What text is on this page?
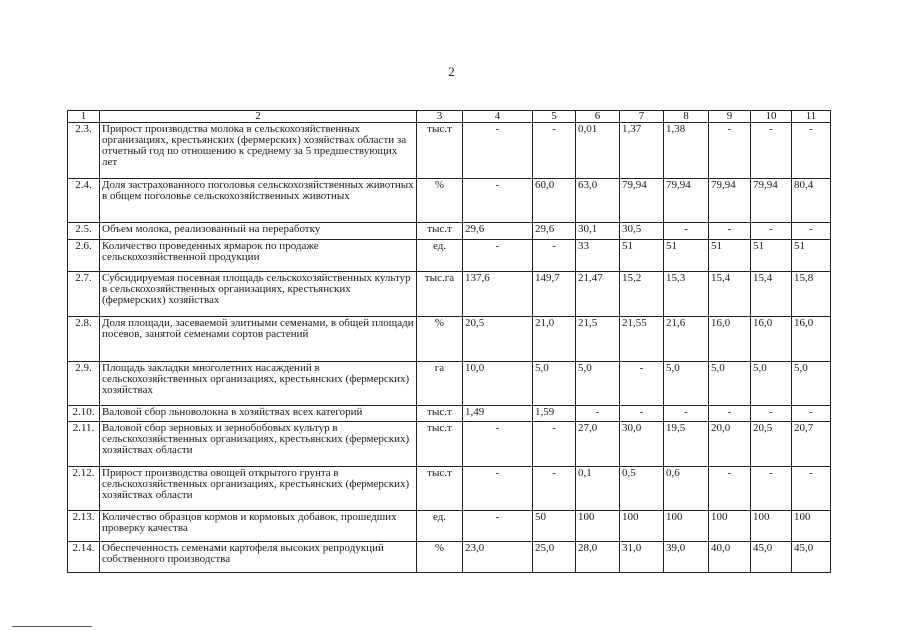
2
1	2	3	4	5	6	7	8	9	10	11
2.3.	Прирост производства молока в сельскохозяйственных организациях, крестьянских (фермерских) хозяйствах области за отчетный год по отношению к среднему за 5 предшествующих лет	тыс.т	-	-	0,01	1,37	1,38	-	-	-
2.4.	Доля застрахованного поголовья сельскохозяйственных животных в общем поголовье сельскохозяйственных животных	%	-	60,0	63,0	79,94	79,94	79,94	79,94	80,4
2.5.	Объем молока, реализованный на переработку	тыс.т	29,6	29,6	30,1	30,5	-	-	-	-
2.6.	Количество проведенных ярмарок по продаже сельскохозяйственной продукции	ед.	-	-	33	51	51	51	51	51
2.7.	Субсидируемая посевная площадь сельскохозяйственных культур в сельскохозяйственных организациях, крестьянских (фермерских) хозяйствах	тыс.га	137,6	149,7	21,47	15,2	15,3	15,4	15,4	15,8
2.8.	Доля площади, засеваемой элитными семенами, в общей площади посевов, занятой семенами сортов растений	%	20,5	21,0	21,5	21,55	21,6	16,0	16,0	16,0
2.9.	Площадь закладки многолетних насаждений в сельскохозяйственных организациях, крестьянских (фермерских) хозяйствах	га	10,0	5,0	5,0	-	5,0	5,0	5,0	5,0
2.10.	Валовой сбор льноволокна в хозяйствах всех категорий	тыс.т	1,49	1,59	-	-	-	-	-	-
2.11.	Валовой сбор зерновых и зернобобовых культур в сельскохозяйственных организациях, крестьянских (фермерских) хозяйствах области	тыс.т	-	-	27,0	30,0	19,5	20,0	20,5	20,7
2.12.	Прирост производства овощей открытого грунта в сельскохозяйственных организациях, крестьянских (фермерских) хозяйствах области	тыс.т	-	-	0,1	0,5	0,6	-	-	-
2.13.	Количество образцов кормов и кормовых добавок, прошедших проверку качества	ед.	-	50	100	100	100	100	100	100
2.14.	Обеспеченность семенами картофеля высоких репродукций собственного производства	%	23,0	25,0	28,0	31,0	39,0	40,0	45,0	45,0
